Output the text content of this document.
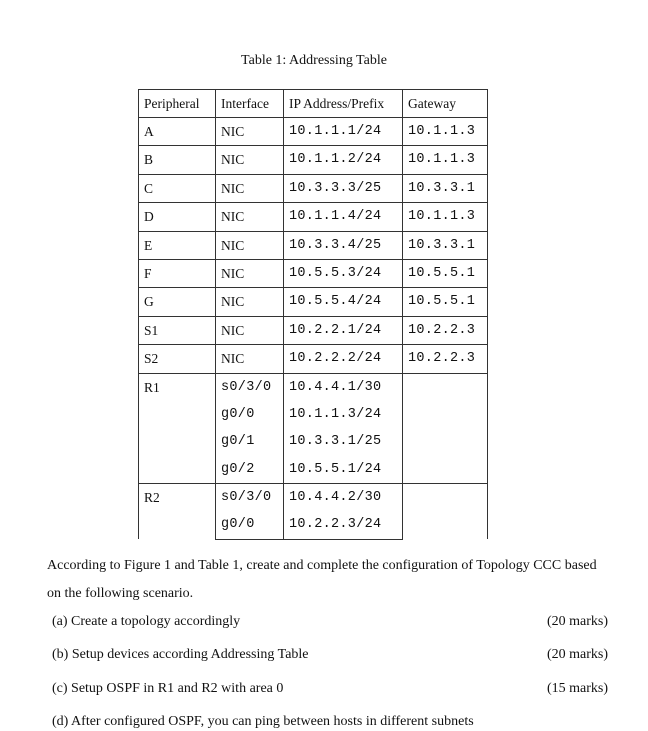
Table 1: Addressing Table
Peripheral	Interface	IP Address/Prefix	Gateway
A	NIC	10.1.1.1/24	10.1.1.3
B	NIC	10.1.1.2/24	10.1.1.3
C	NIC	10.3.3.3/25	10.3.3.1
D	NIC	10.1.1.4/24	10.1.1.3
E	NIC	10.3.3.4/25	10.3.3.1
F	NIC	10.5.5.3/24	10.5.5.1
G	NIC	10.5.5.4/24	10.5.5.1
S1	NIC	10.2.2.1/24	10.2.2.3
S2	NIC	10.2.2.2/24	10.2.2.3
R1	s0/3/0	10.4.4.1/30	
	g0/0	10.1.1.3/24	
	g0/1	10.3.3.1/25	
	g0/2	10.5.5.1/24	
R2	s0/3/0	10.4.4.2/30	
	g0/0	10.2.2.3/24	
According to Figure 1 and Table 1, create and complete the configuration of Topology CCC based on the following scenario.
(a) Create a topology accordingly	(20 marks)
(b) Setup devices according Addressing Table	(20 marks)
(c) Setup OSPF in R1 and R2 with area 0	(15 marks)
(d) After configured OSPF, you can ping between hosts in different subnets
